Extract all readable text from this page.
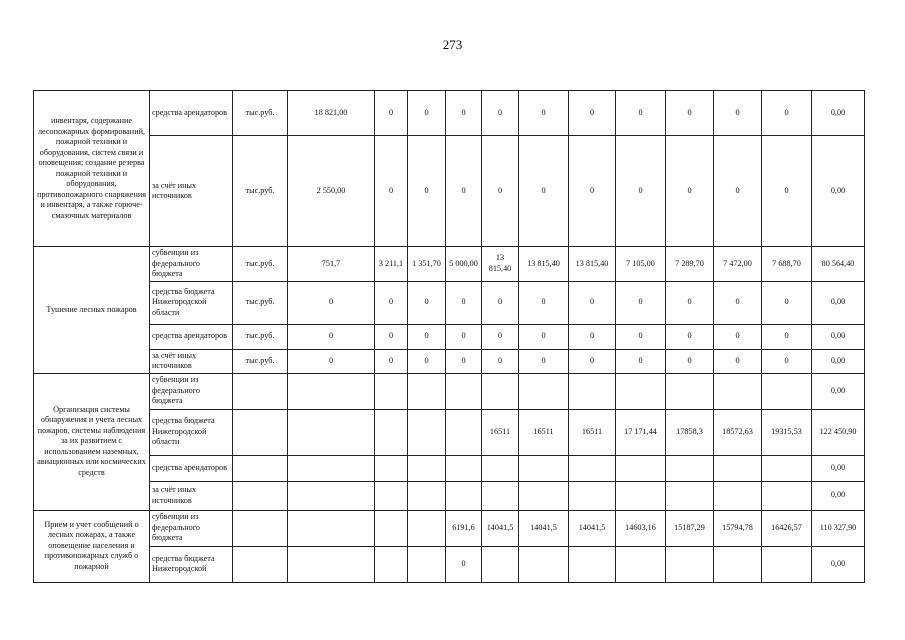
273
инвентаря, содержание лесопожарных формирований, пожарной техники и оборудования, систем связи и оповещения; создание резерва пожарной техники и оборудования, противопожарного снаряжения и инвентаря, а также горюче-смазочных материалов	средства арендаторов	тыс.руб.	18 821,00	0	0	0	0	0	0	0	0	0	0	0,00
	за счёт иных источников	тыс.руб.	2 550,00	0	0	0	0	0	0	0	0	0	0	0,00
Тушение лесных пожаров	субвенции из федерального бюджета	тыс.руб.	751,7	3 211,1	1 351,70	5 000,00	13 815,40	13 815,40	13 815,40	7 105,00	7 289,70	7 472,00	7 688,70	80 564,40
	средства бюджета Нижегородской области	тыс.руб.	0	0	0	0	0	0	0	0	0	0	0	0,00
	средства арендаторов	тыс.руб.	0	0	0	0	0	0	0	0	0	0	0	0,00
	за счёт иных источников	тыс.руб.	0	0	0	0	0	0	0	0	0	0	0	0,00
Организация системы обнаружения и учета лесных пожаров, системы наблюдения за их развитием с использованием наземных, авиационных или космических средств	субвенции из федерального бюджета													0,00
	средства бюджета Нижегородской области						16511	16511	16511	17 171,44	17858,3	18572,63	19315,53	122 450,90
	средства арендаторов													0,00
	за счёт иных источников													0,00
Прием и учет сообщений о лесных пожарах, а также оповещение населения и противопожарных служб о пожарной	субвенции из федерального бюджета					6191,6	14041,5	14041,5	14041,5	14603,16	15187,29	15794,78	16426,57	110 327,90
	средства бюджета Нижегородской					0								0,00
